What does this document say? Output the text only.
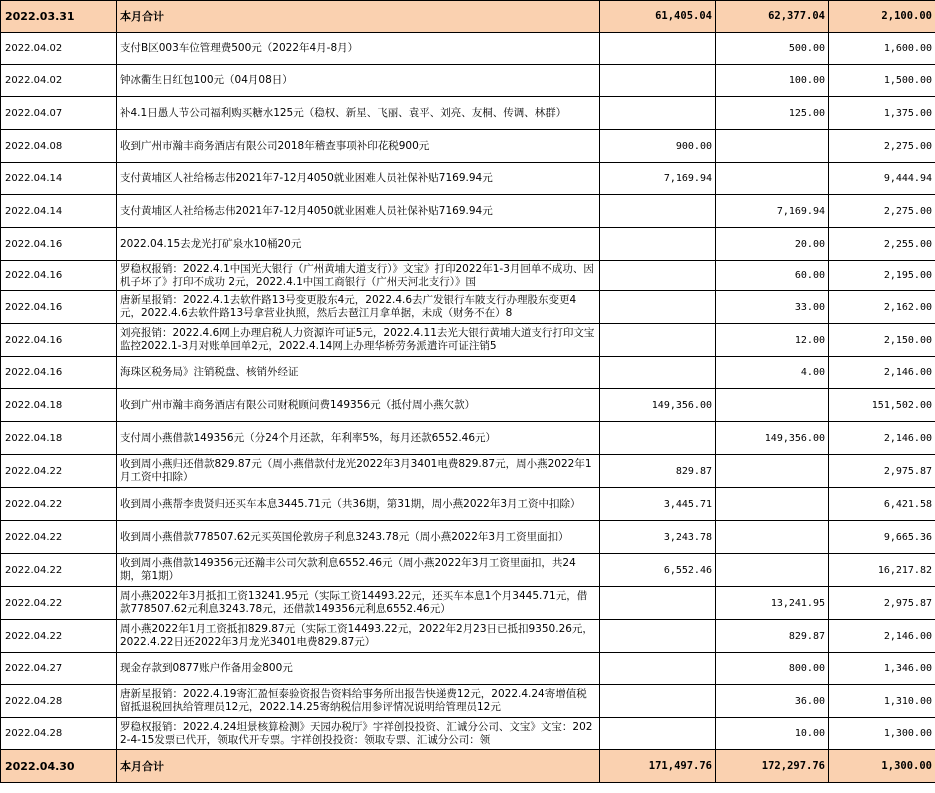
2022.03.31	本月合计	61,405.04	62,377.04	2,100.00
2022.04.02	支付B区003车位管理费500元（2022年4月-8月）		500.00	1,600.00
2022.04.02	钟冰衢生日红包100元（04月08日）		100.00	1,500.00
2022.04.07	补4.1日愚人节公司福利购买糖水125元（稳权、新星、飞丽、袁平、刘亮、友桐、传调、林群）		125.00	1,375.00
2022.04.08	收到广州市瀚丰商务酒店有限公司2018年稽查事项补印花税900元	900.00		2,275.00
2022.04.14	支付黄埔区人社给杨志伟2021年7-12月4050就业困难人员社保补贴7169.94元	7,169.94		9,444.94
2022.04.14	支付黄埔区人社给杨志伟2021年7-12月4050就业困难人员社保补贴7169.94元		7,169.94	2,275.00
2022.04.16	2022.04.15去龙光打矿泉水10桶20元		20.00	2,255.00
2022.04.16	罗稳权报销：2022.4.1中国光大银行（广州黄埔大道支行）》文宝》打印2022年1-3月回单不成功、因机子坏了》打印不成功 2元，2022.4.1中国工商银行（广州天河北支行）》国		60.00	2,195.00
2022.04.16	唐新星报销：2022.4.1去软件路13号变更股东4元，2022.4.6去广发银行车陂支行办理股东变更4元，2022.4.6去软件路13号拿营业执照，然后去琶江月拿单据，未成（财务不在）8		33.00	2,162.00
2022.04.16	刘亮报销：2022.4.6网上办理启税人力资源许可证5元，2022.4.11去光大银行黄埔大道支行打印文宝监控2022.1-3月对账单回单2元，2022.4.14网上办理华桥劳务派遣许可证注销5		12.00	2,150.00
2022.04.16	海珠区税务局》注销税盘、核销外经证		4.00	2,146.00
2022.04.18	收到广州市瀚丰商务酒店有限公司财税顾问费149356元（抵付周小燕欠款）	149,356.00		151,502.00
2022.04.18	支付周小燕借款149356元（分24个月还款，年利率5%，每月还款6552.46元）		149,356.00	2,146.00
2022.04.22	收到周小燕归还借款829.87元（周小燕借款付龙光2022年3月3401电费829.87元，周小燕2022年1月工资中扣除）	829.87		2,975.87
2022.04.22	收到周小燕帮李贵贤归还买车本息3445.71元（共36期，第31期，周小燕2022年3月工资中扣除）	3,445.71		6,421.58
2022.04.22	收到周小燕借款778507.62元买英国伦敦房子利息3243.78元（周小燕2022年3月工资里面扣）	3,243.78		9,665.36
2022.04.22	收到周小燕借款149356元还瀚丰公司欠款利息6552.46元（周小燕2022年3月工资里面扣，共24期，第1期）	6,552.46		16,217.82
2022.04.22	周小燕2022年3月抵扣工资13241.95元（实际工资14493.22元，还买车本息1个月3445.71元，借款778507.62元利息3243.78元，还借款149356元利息6552.46元）		13,241.95	2,975.87
2022.04.22	周小燕2022年1月工资抵扣829.87元（实际工资14493.22元，2022年2月23日已抵扣9350.26元，2022.4.22日还2022年3月龙光3401电费829.87元）		829.87	2,146.00
2022.04.27	现金存款到0877账户作备用金800元		800.00	1,346.00
2022.04.28	唐新星报销：2022.4.19寄汇盈恒泰验资报告资料给事务所出报告快递费12元，2022.4.24寄增值税留抵退税回执给管理员12元，2022.14.25寄纳税信用参评情况说明给管理员12元		36.00	1,310.00
2022.04.28	罗稳权报销：2022.4.24坦景核算检测》天园办税厅》宇祥创投投资、汇诚分公司、文宝》文宝：2022-4-15发票已代开，领取代开专票。宇祥创投投资：领取专票、汇诚分公司：领		10.00	1,300.00
2022.04.30	本月合计	171,497.76	172,297.76	1,300.00
